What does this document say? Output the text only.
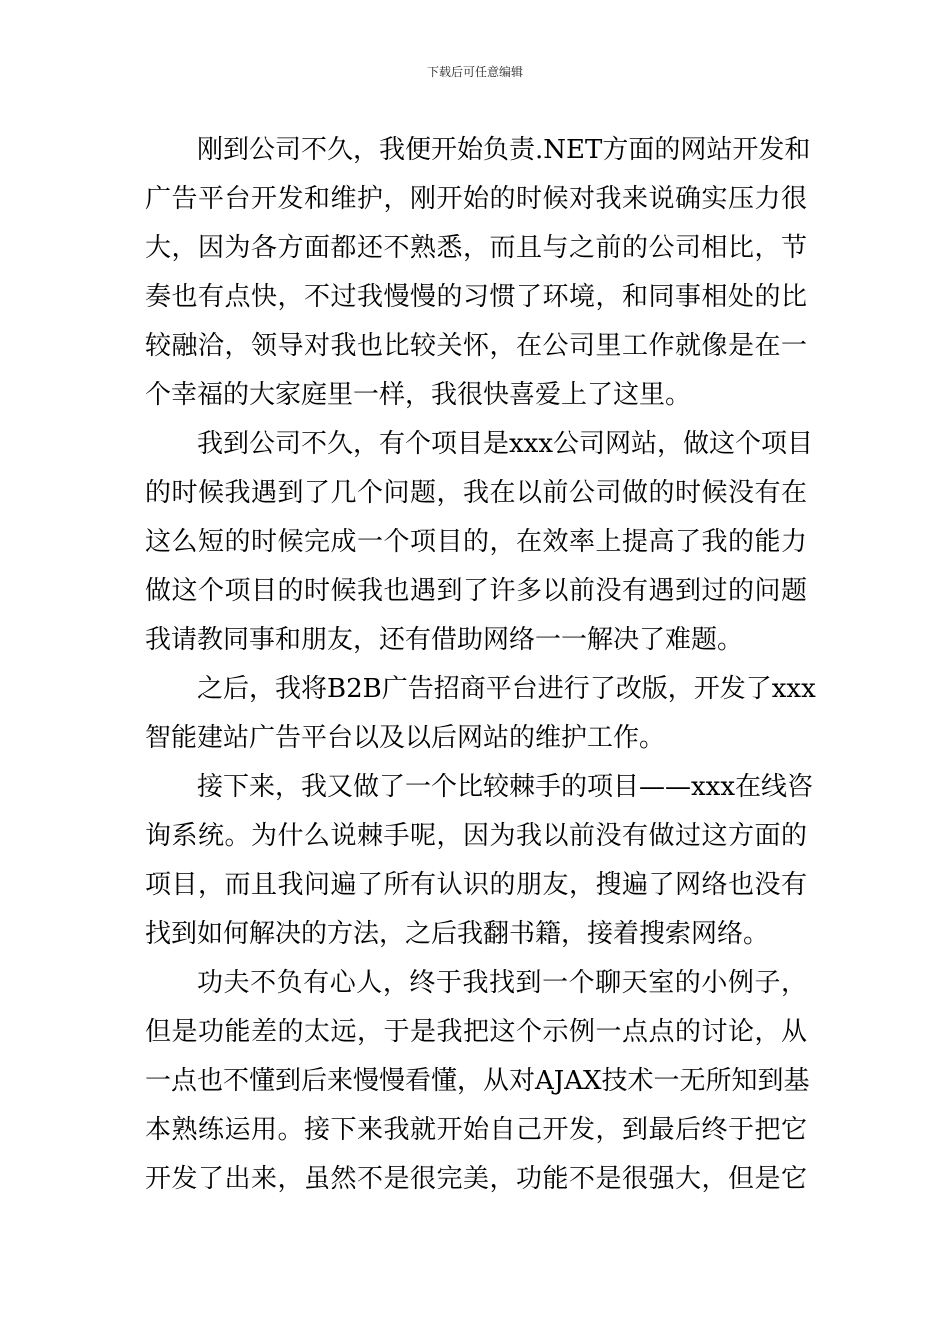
下载后可任意编辑
刚到公司不久，我便开始负责.NET方面的网站开发和
广告平台开发和维护，刚开始的时候对我来说确实压力很
大，因为各方面都还不熟悉，而且与之前的公司相比，节
奏也有点快，不过我慢慢的习惯了环境，和同事相处的比
较融洽，领导对我也比较关怀，在公司里工作就像是在一
个幸福的大家庭里一样，我很快喜爱上了这里。
我到公司不久，有个项目是xxx公司网站，做这个项目
的时候我遇到了几个问题，我在以前公司做的时候没有在
这么短的时候完成一个项目的，在效率上提高了我的能力
做这个项目的时候我也遇到了许多以前没有遇到过的问题
我请教同事和朋友，还有借助网络一一解决了难题。
之后，我将B2B广告招商平台进行了改版，开发了xxx
智能建站广告平台以及以后网站的维护工作。
接下来，我又做了一个比较棘手的项目——xxx在线咨
询系统。为什么说棘手呢，因为我以前没有做过这方面的
项目，而且我问遍了所有认识的朋友，搜遍了网络也没有
找到如何解决的方法，之后我翻书籍，接着搜索网络。
功夫不负有心人，终于我找到一个聊天室的小例子，
但是功能差的太远，于是我把这个示例一点点的讨论，从
一点也不懂到后来慢慢看懂，从对AJAX技术一无所知到基
本熟练运用。接下来我就开始自己开发，到最后终于把它
开发了出来，虽然不是很完美，功能不是很强大，但是它
